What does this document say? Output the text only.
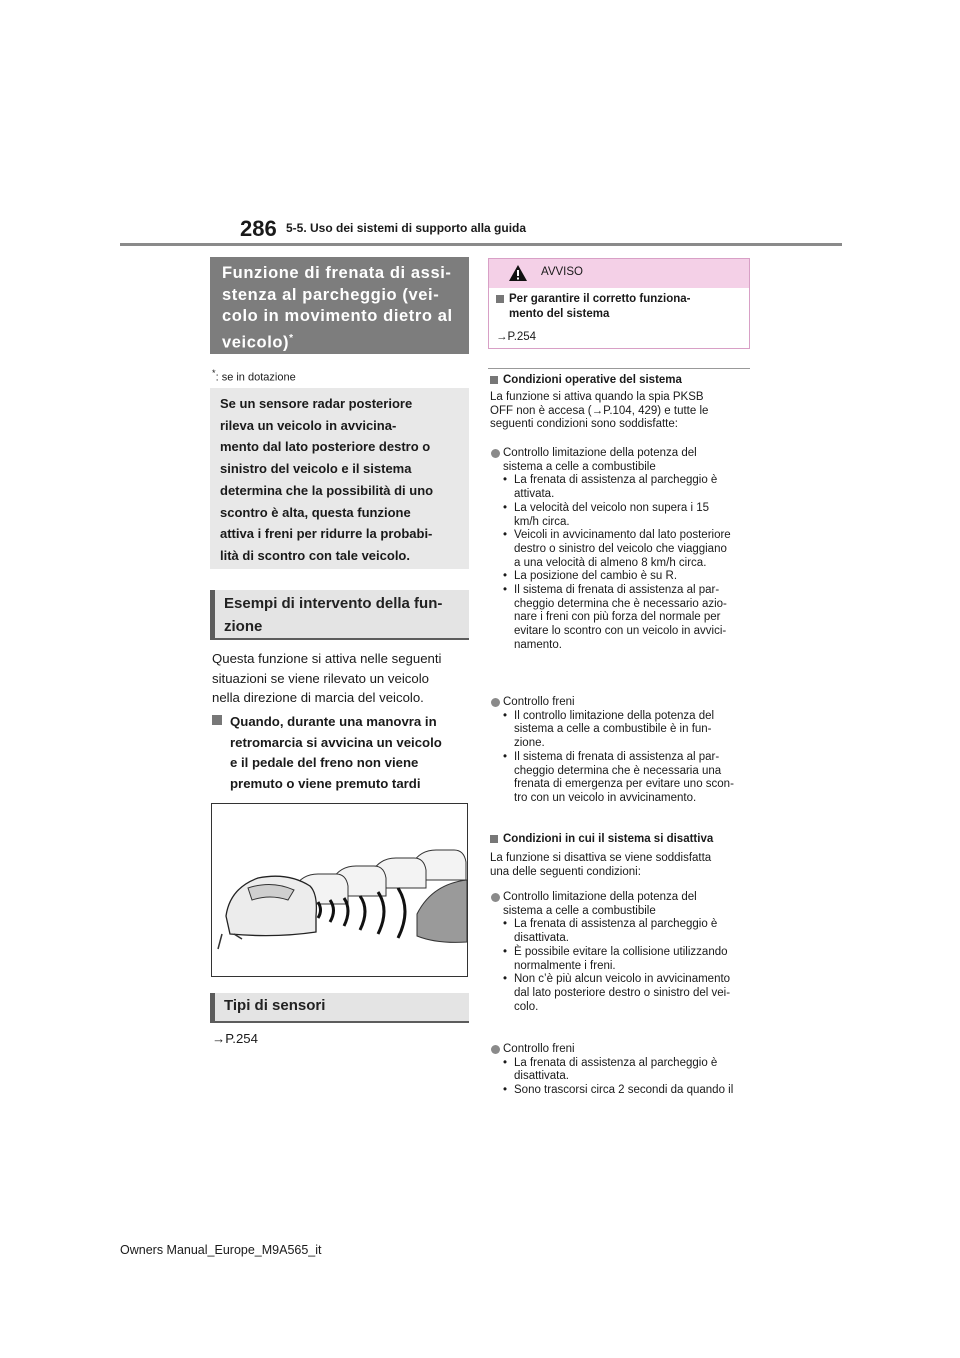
286 5-5. Uso dei sistemi di supporto alla guida
Funzione di frenata di assi-
stenza al parcheggio (vei-
colo in movimento dietro al
veicolo)*
*: se in dotazione
Se un sensore radar posteriore
rileva un veicolo in avvicina-
mento dal lato posteriore destro o
sinistro del veicolo e il sistema
determina che la possibilità di uno
scontro è alta, questa funzione
attiva i freni per ridurre la probabi-
lità di scontro con tale veicolo.
Esempi di intervento della fun-
zione
Questa funzione si attiva nelle seguenti
situazioni se viene rilevato un veicolo
nella direzione di marcia del veicolo.
Quando, durante una manovra in
retromarcia si avvicina un veicolo
e il pedale del freno non viene
premuto o viene premuto tardi
Tipi di sensori
→P.254
AVVISO
Per garantire il corretto funziona-
mento del sistema
→P.254
Condizioni operative del sistema
La funzione si attiva quando la spia PKSB
OFF non è accesa (→P.104, 429) e tutte le
seguenti condizioni sono soddisfatte:
Controllo limitazione della potenza del
sistema a celle a combustibile
• La frenata di assistenza al parcheggio è
attivata.
• La velocità del veicolo non supera i 15
km/h circa.
• Veicoli in avvicinamento dal lato posteriore
destro o sinistro del veicolo che viaggiano
a una velocità di almeno 8 km/h circa.
• La posizione del cambio è su R.
• Il sistema di frenata di assistenza al par-
cheggio determina che è necessario azio-
nare i freni con più forza del normale per
evitare lo scontro con un veicolo in avvici-
namento.
Controllo freni
• Il controllo limitazione della potenza del
sistema a celle a combustibile è in fun-
zione.
• Il sistema di frenata di assistenza al par-
cheggio determina che è necessaria una
frenata di emergenza per evitare uno scon-
tro con un veicolo in avvicinamento.
Condizioni in cui il sistema si disattiva
La funzione si disattiva se viene soddisfatta
una delle seguenti condizioni:
Controllo limitazione della potenza del
sistema a celle a combustibile
• La frenata di assistenza al parcheggio è
disattivata.
• È possibile evitare la collisione utilizzando
normalmente i freni.
• Non c’è più alcun veicolo in avvicinamento
dal lato posteriore destro o sinistro del vei-
colo.
Controllo freni
• La frenata di assistenza al parcheggio è
disattivata.
• Sono trascorsi circa 2 secondi da quando il
Owners Manual_Europe_M9A565_it
